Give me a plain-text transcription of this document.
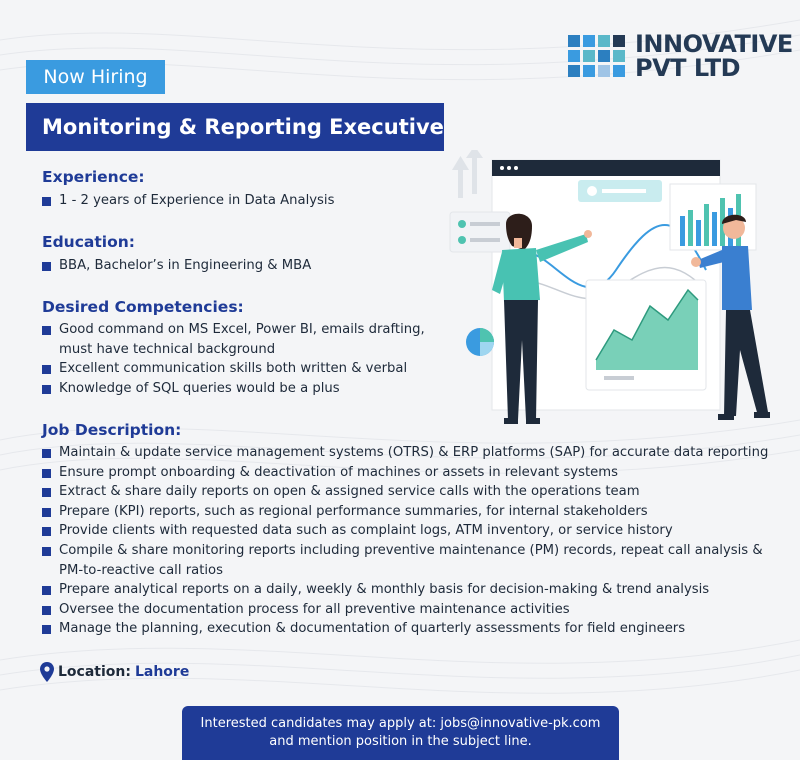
INNOVATIVE
PVT LTD
Now Hiring
Monitoring & Reporting Executive
Experience:
1 - 2 years of Experience in Data Analysis
Education:
BBA, Bachelor’s in Engineering & MBA
Desired Competencies:
Good command on MS Excel, Power BI, emails drafting, must have technical background
Excellent communication skills both written & verbal
Knowledge of SQL queries would be a plus
Job Description:
Maintain & update service management systems (OTRS) & ERP platforms (SAP) for accurate data reporting
Ensure prompt onboarding & deactivation of machines or assets in relevant systems
Extract & share daily reports on open & assigned service calls with the operations team
Prepare (KPI) reports, such as regional performance summaries, for internal stakeholders
Provide clients with requested data such as complaint logs, ATM inventory, or service history
Compile & share monitoring reports including preventive maintenance (PM) records, repeat call analysis & PM-to-reactive call ratios
Prepare analytical reports on a daily, weekly & monthly basis for decision-making & trend analysis
Oversee the documentation process for all preventive maintenance activities
Manage the planning, execution & documentation of quarterly assessments for field engineers
Location: Lahore
Interested candidates may apply at: jobs@innovative-pk.com
and mention position in the subject line.
